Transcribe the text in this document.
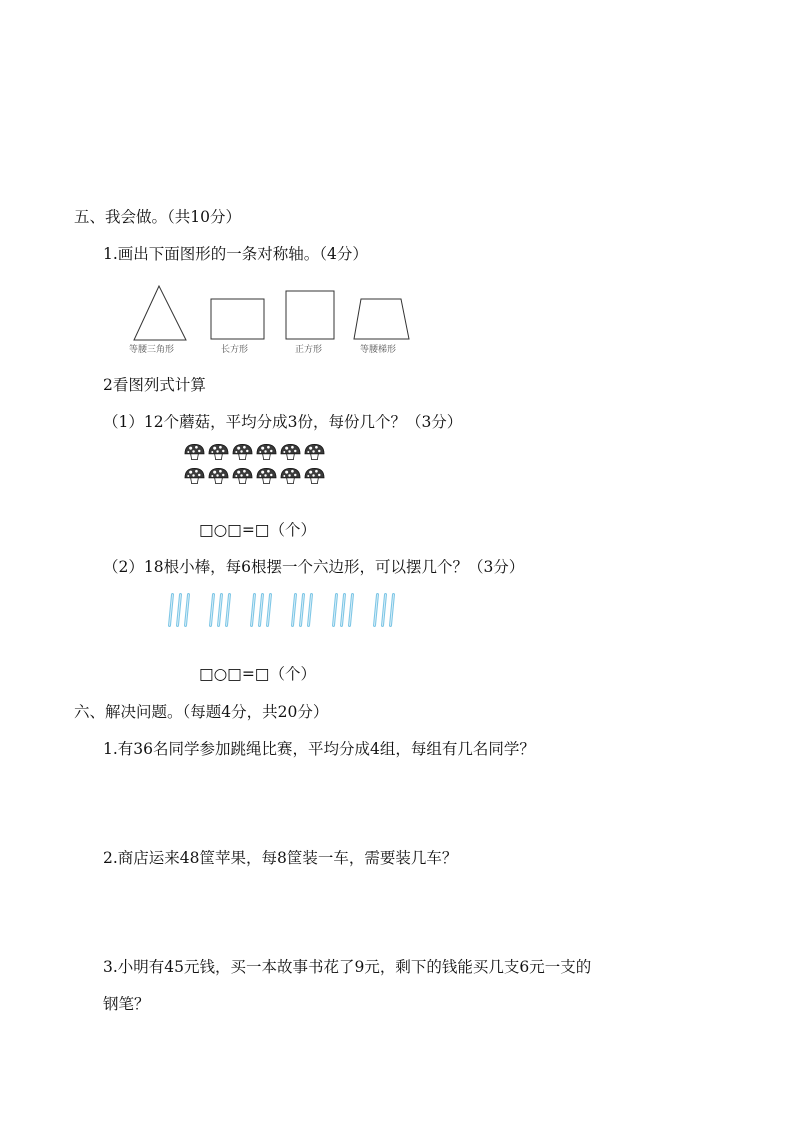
五、我会做。（共10分）

1.画出下面图形的一条对称轴。（4分）

等腰三角形	长方形	正方形	等腰梯形

2看图列式计算

（1）12个蘑菇，平均分成3份，每份几个？（3分）

□○□=□（个）

（2）18根小棒，每6根摆一个六边形，可以摆几个？（3分）

□○□=□（个）

六、解决问题。（每题4分，共20分）

1.有36名同学参加跳绳比赛，平均分成4组，每组有几名同学？

2.商店运来48筐苹果，每8筐装一车，需要装几车？

3.小明有45元钱，买一本故事书花了9元，剩下的钱能买几支6元一支的

钢笔？
